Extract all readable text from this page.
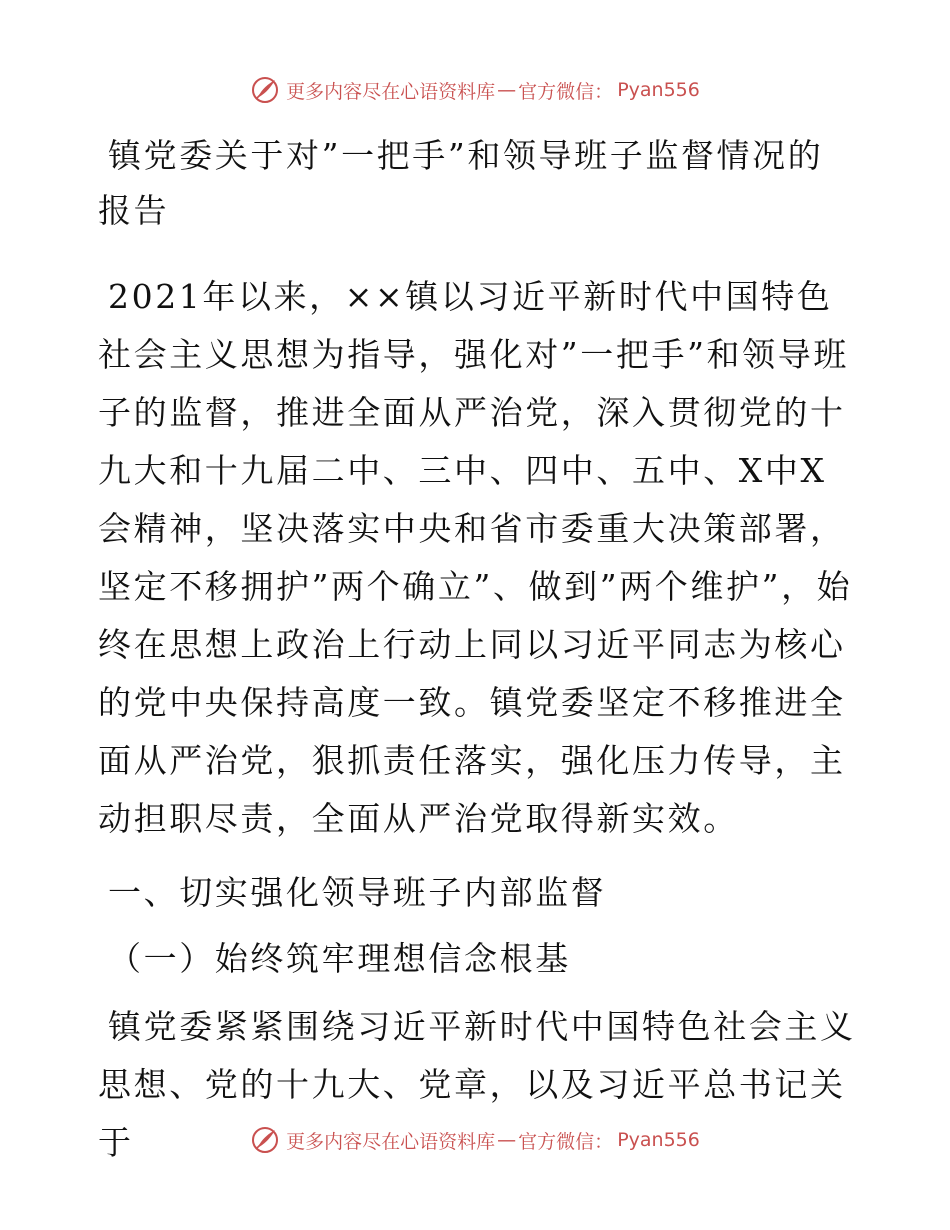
更多内容尽在心语资料库 — 官方微信： Pyan556
镇党委关于对”一把手”和领导班子监督情况的报告

2021年以来，××镇以习近平新时代中国特色社会主义思想为指导，强化对”一把手”和领导班子的监督，推进全面从严治党，深入贯彻党的十九大和十九届二中、三中、四中、五中、X中X会精神，坚决落实中央和省市委重大决策部署，坚定不移拥护”两个确立”、做到”两个维护”，始终在思想上政治上行动上同以习近平同志为核心的党中央保持高度一致。镇党委坚定不移推进全面从严治党，狠抓责任落实，强化压力传导，主动担职尽责，全面从严治党取得新实效。

一、切实强化领导班子内部监督

（一）始终筑牢理想信念根基

镇党委紧紧围绕习近平新时代中国特色社会主义思想、党的十九大、党章，以及习近平总书记关于	更多内容尽在心语资料库 — 官方微信： Pyan556
